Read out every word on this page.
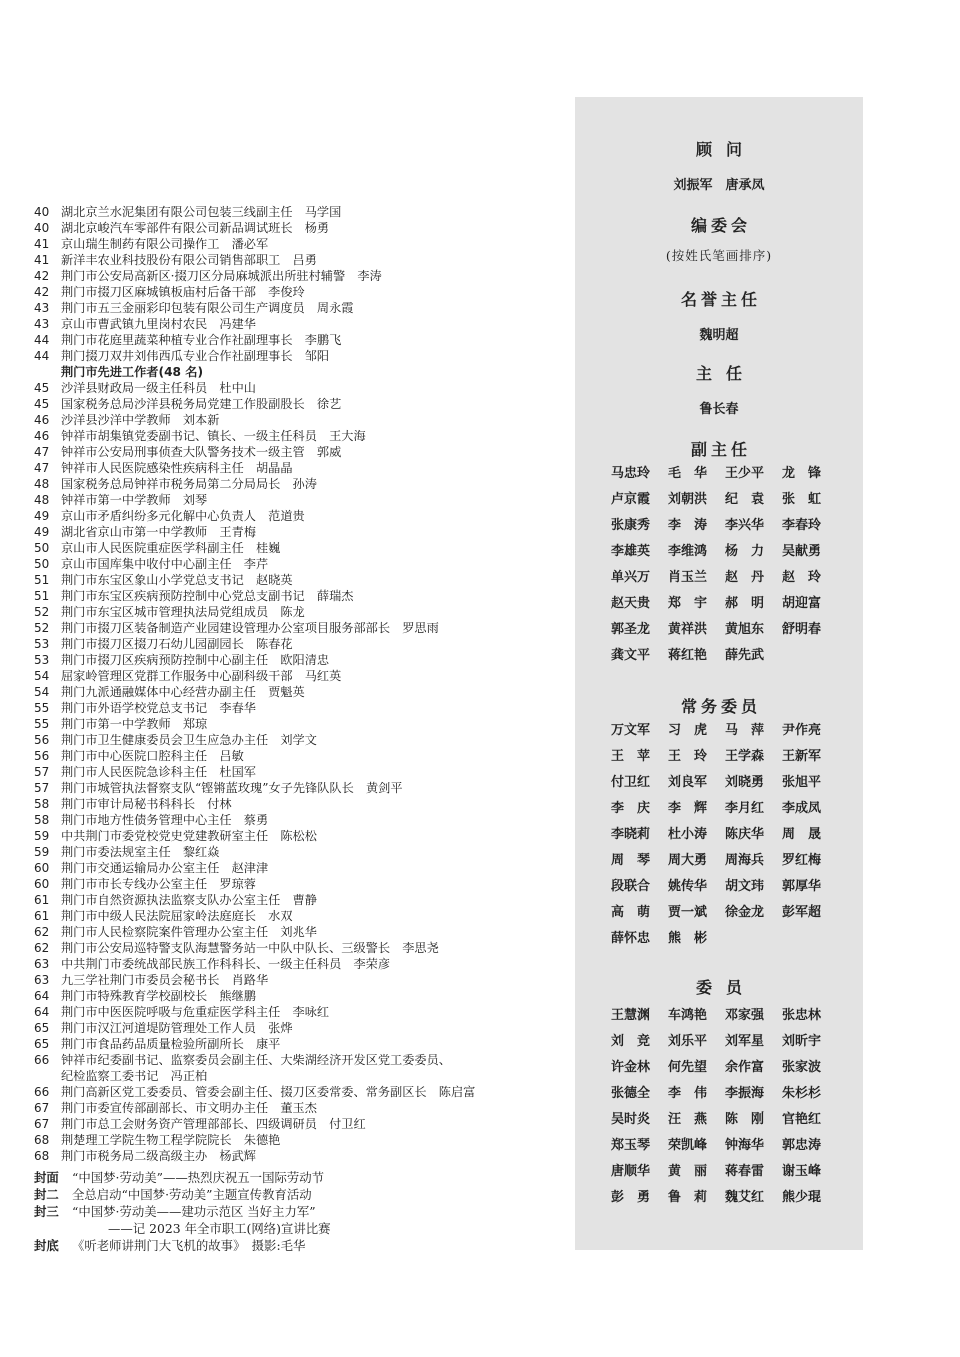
40 湖北京兰水泥集团有限公司包装三线副主任　马学国
40 湖北京峻汽车零部件有限公司新品调试班长　杨勇
41 京山瑞生制药有限公司操作工　潘必军
41 新洋丰农业科技股份有限公司销售部职工　吕勇
42 荆门市公安局高新区·掇刀区分局麻城派出所驻村辅警　李涛
42 荆门市掇刀区麻城镇板庙村后备干部　李俊玲
43 荆门市五三金丽彩印包装有限公司生产调度员　周永霞
43 京山市曹武镇九里岗村农民　冯建华
44 荆门市花庭里蔬菜种植专业合作社副理事长　李鹏飞
44 荆门掇刀双井刘伟西瓜专业合作社副理事长　邹阳
荆门市先进工作者(48 名)
45 沙洋县财政局一级主任科员　杜中山
45 国家税务总局沙洋县税务局党建工作股副股长　徐艺
46 沙洋县沙洋中学教师　刘本新
46 钟祥市胡集镇党委副书记、镇长、一级主任科员　王大海
47 钟祥市公安局刑事侦查大队警务技术一级主管　郭威
47 钟祥市人民医院感染性疾病科主任　胡晶晶
48 国家税务总局钟祥市税务局第二分局局长　孙涛
48 钟祥市第一中学教师　刘琴
49 京山市矛盾纠纷多元化解中心负责人　范道贵
49 湖北省京山市第一中学教师　王青梅
50 京山市人民医院重症医学科副主任　桂巍
50 京山市国库集中收付中心副主任　李芹
51 荆门市东宝区象山小学党总支书记　赵晓英
51 荆门市东宝区疾病预防控制中心党总支副书记　薛瑞杰
52 荆门市东宝区城市管理执法局党组成员　陈龙
52 荆门市掇刀区装备制造产业园建设管理办公室项目服务部部长　罗思雨
53 荆门市掇刀区掇刀石幼儿园副园长　陈春花
53 荆门市掇刀区疾病预防控制中心副主任　欧阳清忠
54 屈家岭管理区党群工作服务中心副科级干部　马红英
54 荆门九派通融媒体中心经营办副主任　贾魁英
55 荆门市外语学校党总支书记　李春华
55 荆门市第一中学教师　郑琼
56 荆门市卫生健康委员会卫生应急办主任　刘学文
56 荆门市中心医院口腔科主任　吕敏
57 荆门市人民医院急诊科主任　杜国军
57 荆门市城管执法督察支队“铿锵蓝玫瑰”女子先锋队队长　黄剑平
58 荆门市审计局秘书科科长　付林
58 荆门市地方性债务管理中心主任　蔡勇
59 中共荆门市委党校党史党建教研室主任　陈松松
59 荆门市委法规室主任　黎红焱
60 荆门市交通运输局办公室主任　赵津津
60 荆门市市长专线办公室主任　罗琼蓉
61 荆门市自然资源执法监察支队办公室主任　曹静
61 荆门市中级人民法院屈家岭法庭庭长　水双
62 荆门市人民检察院案件管理办公室主任　刘兆华
62 荆门市公安局巡特警支队海慧警务站一中队中队长、三级警长　李思尧
63 中共荆门市委统战部民族工作科科长、一级主任科员　李荣彦
63 九三学社荆门市委员会秘书长　肖路华
64 荆门市特殊教育学校副校长　熊继鹏
64 荆门市中医医院呼吸与危重症医学科主任　李咏红
65 荆门市汉江河道堤防管理处工作人员　张烨
65 荆门市食品药品质量检验所副所长　康平
66 钟祥市纪委副书记、监察委员会副主任、大柴湖经济开发区党工委委员、
纪检监察工委书记　冯正柏
66 荆门高新区党工委委员、管委会副主任、掇刀区委常委、常务副区长　陈启富
67 荆门市委宣传部副部长、市文明办主任　董玉杰
67 荆门市总工会财务资产管理部部长、四级调研员　付卫红
68 荆楚理工学院生物工程学院院长　朱德艳
68 荆门市税务局二级高级主办　杨武辉
封面	“中国梦·劳动美”——热烈庆祝五一国际劳动节
封二	全总启动“中国梦·劳动美”主题宣传教育活动
封三	“中国梦·劳动美——建功示范区 当好主力军”
——记 2023 年全市职工(网络)宣讲比赛
封底	《听老师讲荆门大飞机的故事》　摄影:毛华
顾问
刘振军　唐承凤
编委会
(按姓氏笔画排序)
名誉主任
魏明超
主任
鲁长春
副主任
马忠玲	毛　华	王少平	龙　锋
卢京霞	刘朝洪	纪　袁	张　虹
张康秀	李　涛	李兴华	李春玲
李雄英	李维鸿	杨　力	吴献勇
单兴万	肖玉兰	赵　丹	赵　玲
赵天贵	郑　宇	郝　明	胡迎富
郭圣龙	黄祥洪	黄旭东	舒明春
龚文平	蒋红艳	薛先武
常务委员
万文军	习　虎	马　萍	尹作亮
王　苹	王　玲	王学森	王新军
付卫红	刘良军	刘晓勇	张旭平
李　庆	李　辉	李月红	李成凤
李晓莉	杜小涛	陈庆华	周　晟
周　琴	周大勇	周海兵	罗红梅
段联合	姚传华	胡文玮	郭厚华
高　萌	贾一斌	徐金龙	彭军超
薛怀忠	熊　彬
委员
王慧渊	车鸿艳	邓家强	张忠林
刘　竞	刘乐平	刘军星	刘昕宇
许金林	何先望	余作富	张家波
张德全	李　伟	李振海	朱杉杉
吴时炎	汪　燕	陈　刚	官艳红
郑玉琴	荣凯峰	钟海华	郭忠涛
唐顺华	黄　丽	蒋春雷	谢玉峰
彭　勇	鲁　莉	魏艾红	熊少琨
